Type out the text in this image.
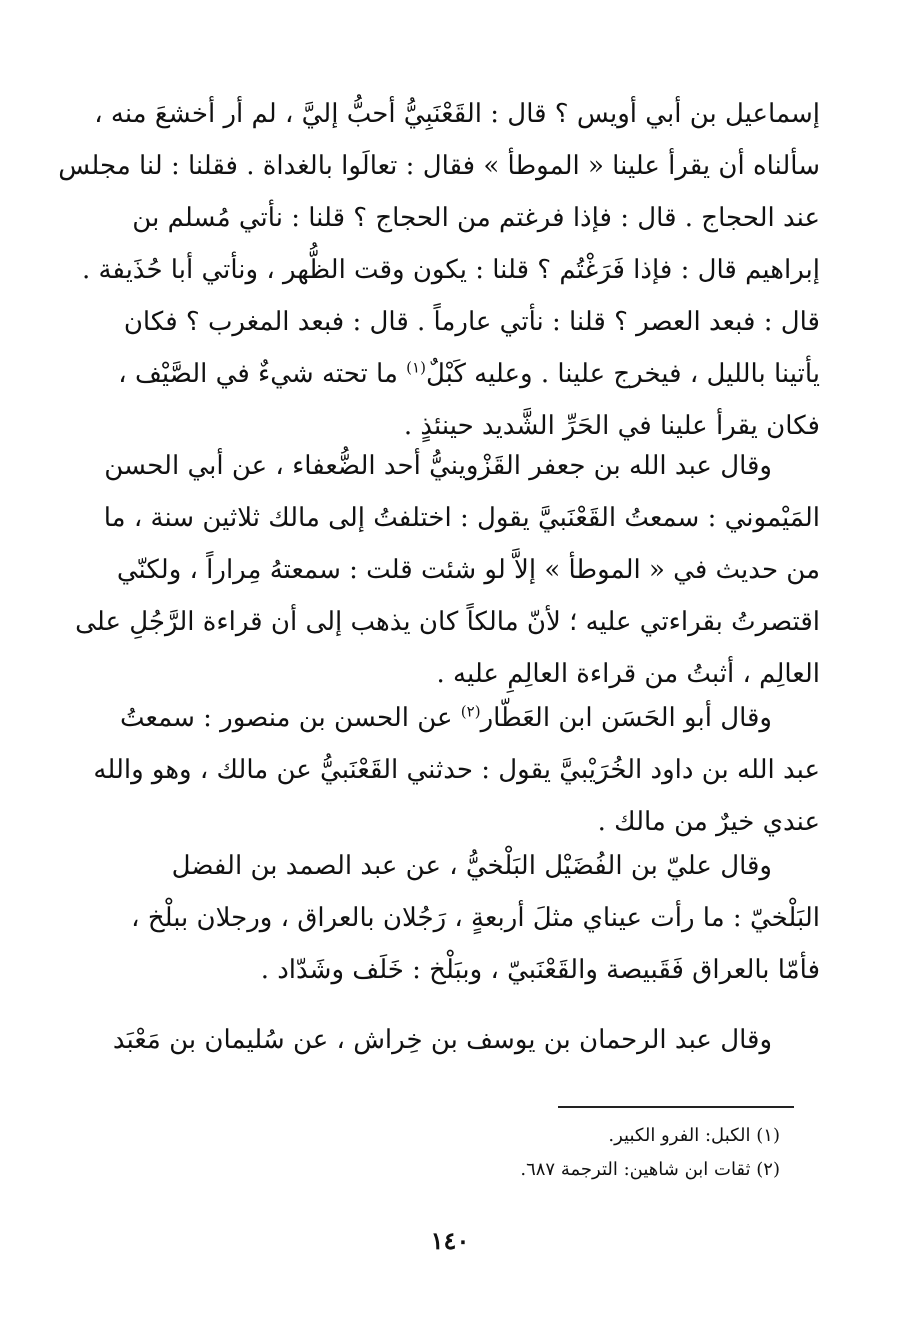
إسماعيل بن أبي أويس ؟ قال : القَعْنَبِيُّ أحبُّ إليَّ ، لم أر أخشعَ منه ،
سألناه أن يقرأ علينا « الموطأ » فقال : تعالَوا بالغداة . فقلنا : لنا مجلس
عند الحجاج . قال : فإذا فرغتم من الحجاج ؟ قلنا : نأتي مُسلم بن
إبراهيم قال : فإذا فَرَغْتُم ؟ قلنا : يكون وقت الظُّهر ، ونأتي أبا حُذَيفة .
قال : فبعد العصر ؟ قلنا : نأتي عارماً . قال : فبعد المغرب ؟ فكان
يأتينا بالليل ، فيخرج علينا . وعليه كَبْلٌ$^{(١)}$ ما تحته شيءٌ في الصَّيْف ،
فكان يقرأ علينا في الحَرِّ الشَّديد حينئذٍ .

وقال عبد الله بن جعفر القَزْوينيُّ أحد الضُّعفاء ، عن أبي الحسن
المَيْموني : سمعتُ القَعْنَبيَّ يقول : اختلفتُ إلى مالك ثلاثين سنة ، ما
من حديث في « الموطأ » إلاَّ لو شئت قلت : سمعتهُ مِراراً ، ولكنّي
اقتصرتُ بقراءتي عليه ؛ لأنّ مالكاً كان يذهب إلى أن قراءة الرَّجُلِ على
العالِم ، أثبتُ من قراءة العالِمِ عليه .

وقال أبو الحَسَن ابن العَطّار$^{(٢)}$ عن الحسن بن منصور : سمعتُ
عبد الله بن داود الخُرَيْبيَّ يقول : حدثني القَعْنَبيُّ عن مالك ، وهو والله
عندي خيرٌ من مالك .

وقال عليّ بن الفُضَيْل البَلْخيُّ ، عن عبد الصمد بن الفضل
البَلْخيّ : ما رأت عيناي مثلَ أربعةٍ ، رَجُلان بالعراق ، ورجلان ببلْخ ،
فأمّا بالعراق فَقَبيصة والقَعْنَبيّ ، وببَلْخ : خَلَف وشَدّاد .

وقال عبد الرحمان بن يوسف بن خِراش ، عن سُليمان بن مَعْبَد

(١) الكبل: الفرو الكبير.

(٢) ثقات ابن شاهين: الترجمة ٦٨٧.

١٤٠
